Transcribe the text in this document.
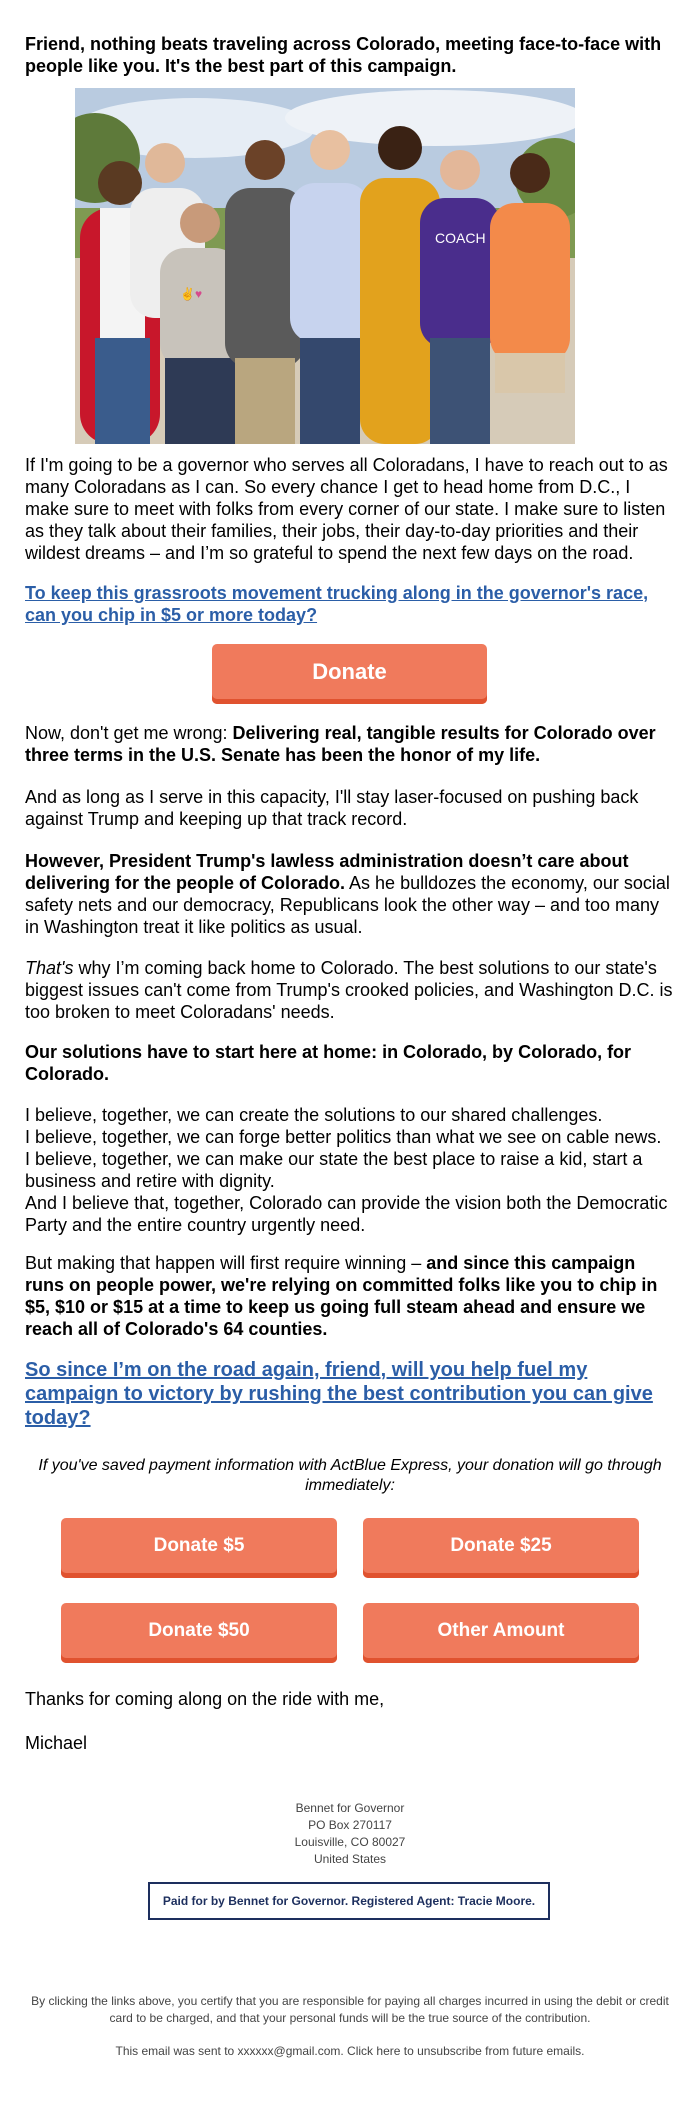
Friend, nothing beats traveling across Colorado, meeting face-to-face with people like you. It's the best part of this campaign.

✌♥
COACH

If I'm going to be a governor who serves all Coloradans, I have to reach out to as many Coloradans as I can. So every chance I get to head home from D.C., I make sure to meet with folks from every corner of our state. I make sure to listen as they talk about their families, their jobs, their day-to-day priorities and their wildest dreams – and I’m so grateful to spend the next few days on the road.

To keep this grassroots movement trucking along in the governor's race, can you chip in $5 or more today?

Donate

Now, don't get me wrong: Delivering real, tangible results for Colorado over three terms in the U.S. Senate has been the honor of my life.

And as long as I serve in this capacity, I'll stay laser-focused on pushing back against Trump and keeping up that track record.

However, President Trump's lawless administration doesn’t care about delivering for the people of Colorado. As he bulldozes the economy, our social safety nets and our democracy, Republicans look the other way – and too many in Washington treat it like politics as usual.

That's why I’m coming back home to Colorado. The best solutions to our state's biggest issues can't come from Trump's crooked policies, and Washington D.C. is too broken to meet Coloradans' needs.

Our solutions have to start here at home: in Colorado, by Colorado, for Colorado.

I believe, together, we can create the solutions to our shared challenges.
I believe, together, we can forge better politics than what we see on cable news.
I believe, together, we can make our state the best place to raise a kid, start a business and retire with dignity.
And I believe that, together, Colorado can provide the vision both the Democratic Party and the entire country urgently need.

But making that happen will first require winning – and since this campaign runs on people power, we're relying on committed folks like you to chip in $5, $10 or $15 at a time to keep us going full steam ahead and ensure we reach all of Colorado's 64 counties.

So since I’m on the road again, friend, will you help fuel my campaign to victory by rushing the best contribution you can give today?

If you've saved payment information with ActBlue Express, your donation will go through immediately:

Donate $5	Donate $25
Donate $50	Other Amount

Thanks for coming along on the ride with me,

Michael

Bennet for Governor
PO Box 270117
Louisville, CO 80027
United States
Paid for by Bennet for Governor. Registered Agent: Tracie Moore.
By clicking the links above, you certify that you are responsible for paying all charges incurred in using the debit or credit card to be charged, and that your personal funds will be the true source of the contribution.
This email was sent to xxxxxx@gmail.com. Click here to unsubscribe from future emails.
